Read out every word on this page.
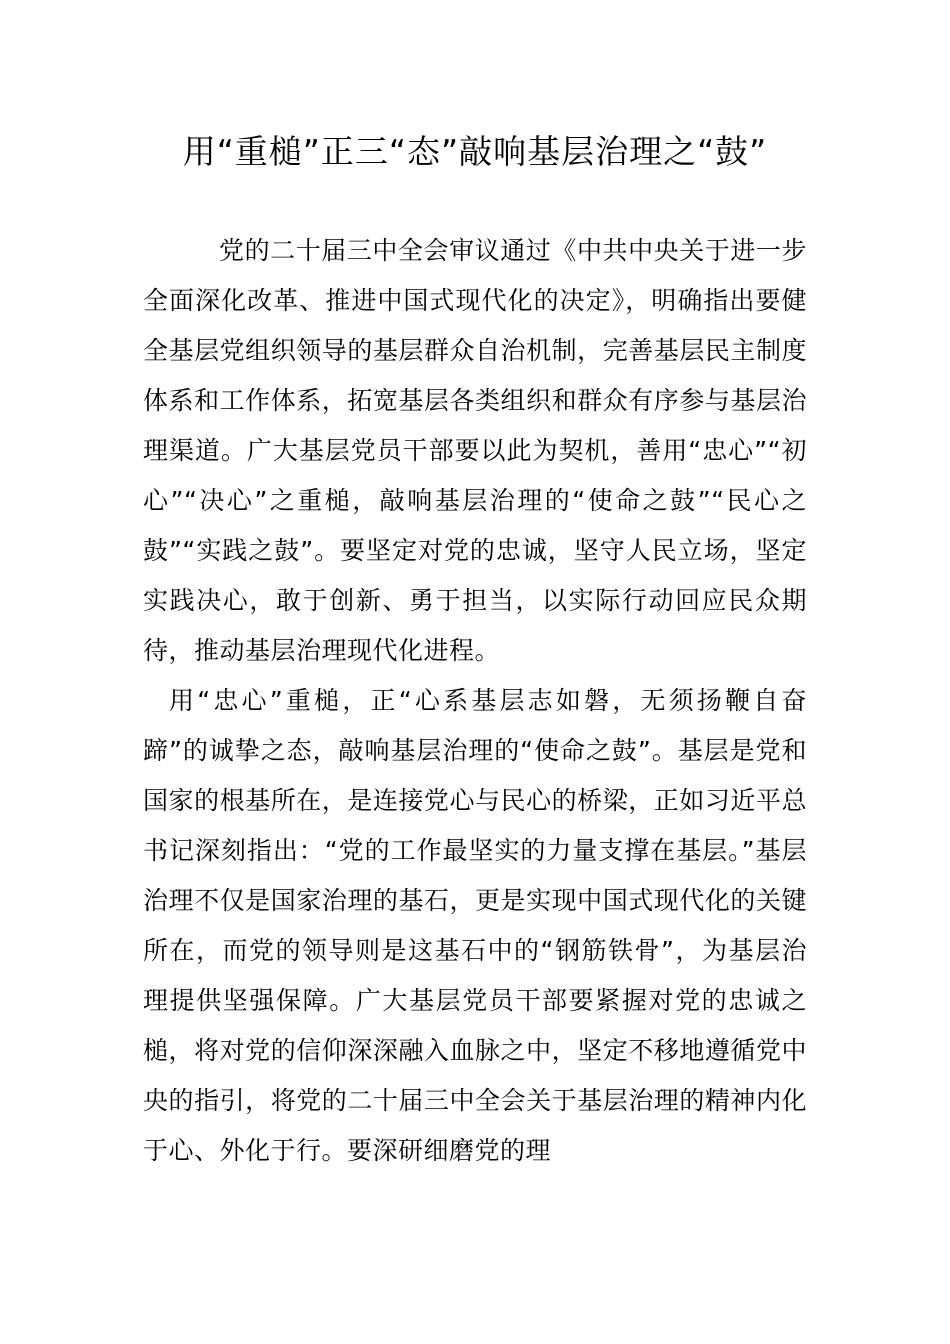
用“重槌”正三“态”敲响基层治理之“鼓”

党的二十届三中全会审议通过《中共中央关于进一步全面深化改革、推进中国式现代化的决定》，明确指出要健全基层党组织领导的基层群众自治机制，完善基层民主制度体系和工作体系，拓宽基层各类组织和群众有序参与基层治理渠道。广大基层党员干部要以此为契机，善用“忠心”“初心”“决心”之重槌，敲响基层治理的“使命之鼓”“民心之鼓”“实践之鼓”。要坚定对党的忠诚，坚守人民立场，坚定实践决心，敢于创新、勇于担当，以实际行动回应民众期待，推动基层治理现代化进程。

用“忠心”重槌，正“心系基层志如磐，无须扬鞭自奋蹄”的诚挚之态，敲响基层治理的“使命之鼓”。基层是党和国家的根基所在，是连接党心与民心的桥梁，正如习近平总书记深刻指出：“党的工作最坚实的力量支撑在基层。”基层治理不仅是国家治理的基石，更是实现中国式现代化的关键所在，而党的领导则是这基石中的“钢筋铁骨”，为基层治理提供坚强保障。广大基层党员干部要紧握对党的忠诚之槌，将对党的信仰深深融入血脉之中，坚定不移地遵循党中央的指引，将党的二十届三中全会关于基层治理的精神内化于心、外化于行。要深研细磨党的理
